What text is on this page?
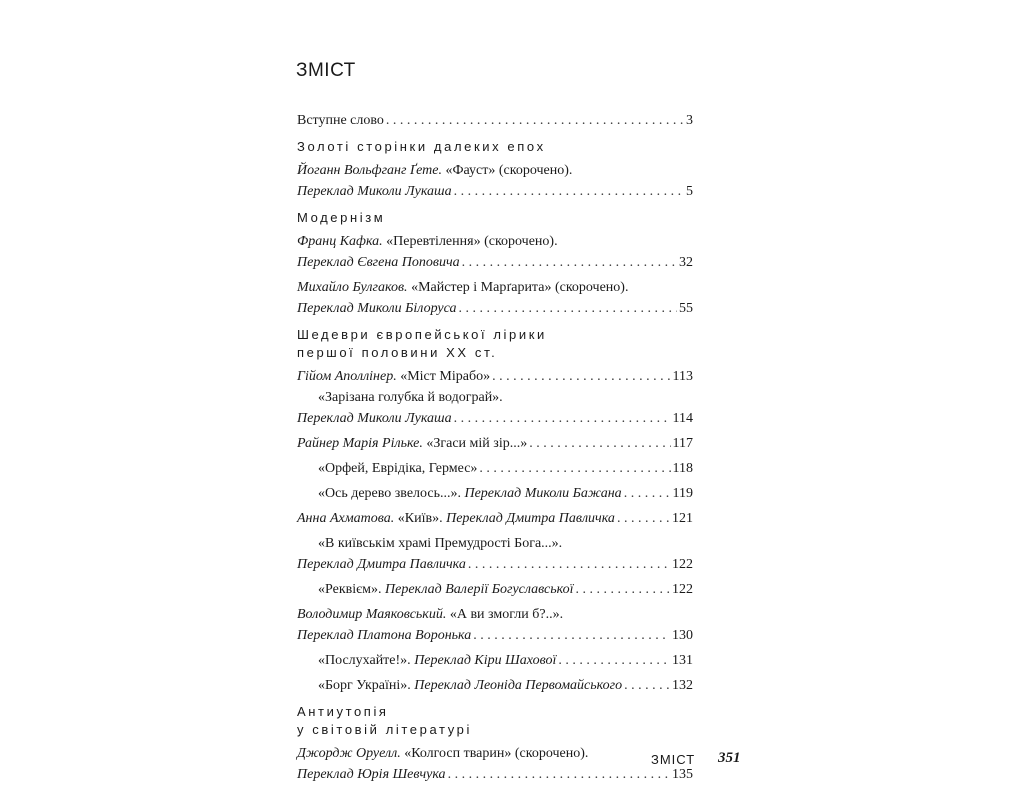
ЗМІСТ
Вступне слово . . .	3
Золоті сторінки далеких епох
Йоганн Вольфганг Ґете. «Фауст» (скорочено).
Переклад Миколи Лукаша . . .	5
Модернізм
Франц Кафка. «Перевтілення» (скорочено).
Переклад Євгена Поповича . . .	32
Михайло Булгаков. «Майстер і Марґарита» (скорочено).
Переклад Миколи Білоруса . . .	55
Шедеври європейської лірики
першої половини XX ст.
Гійом Аполлінер. «Міст Мірабо» . . .	113
«Зарізана голубка й водограй».
Переклад Миколи Лукаша . . .	114
Райнер Марія Рільке. «Згаси мій зір...» . . .	117
«Орфей, Еврідіка, Гермес» . . .	118
«Ось дерево звелось...». Переклад Миколи Бажана . . .	119
Анна Ахматова. «Київ». Переклад Дмитра Павличка . . .	121
«В київськім храмі Премудрості Бога...».
Переклад Дмитра Павличка . . .	122
«Реквієм». Переклад Валерії Богуславської . . .	122
Володимир Маяковський. «А ви змогли б?..».
Переклад Платона Воронька . . .	130
«Послухайте!». Переклад Кіри Шахової . . .	131
«Борг Україні». Переклад Леоніда Первомайського . . .	132
Антиутопія
у світовій літературі
Джордж Оруелл. «Колгосп тварин» (скорочено).
Переклад Юрія Шевчука . . .	135
ЗМІСТ 351
